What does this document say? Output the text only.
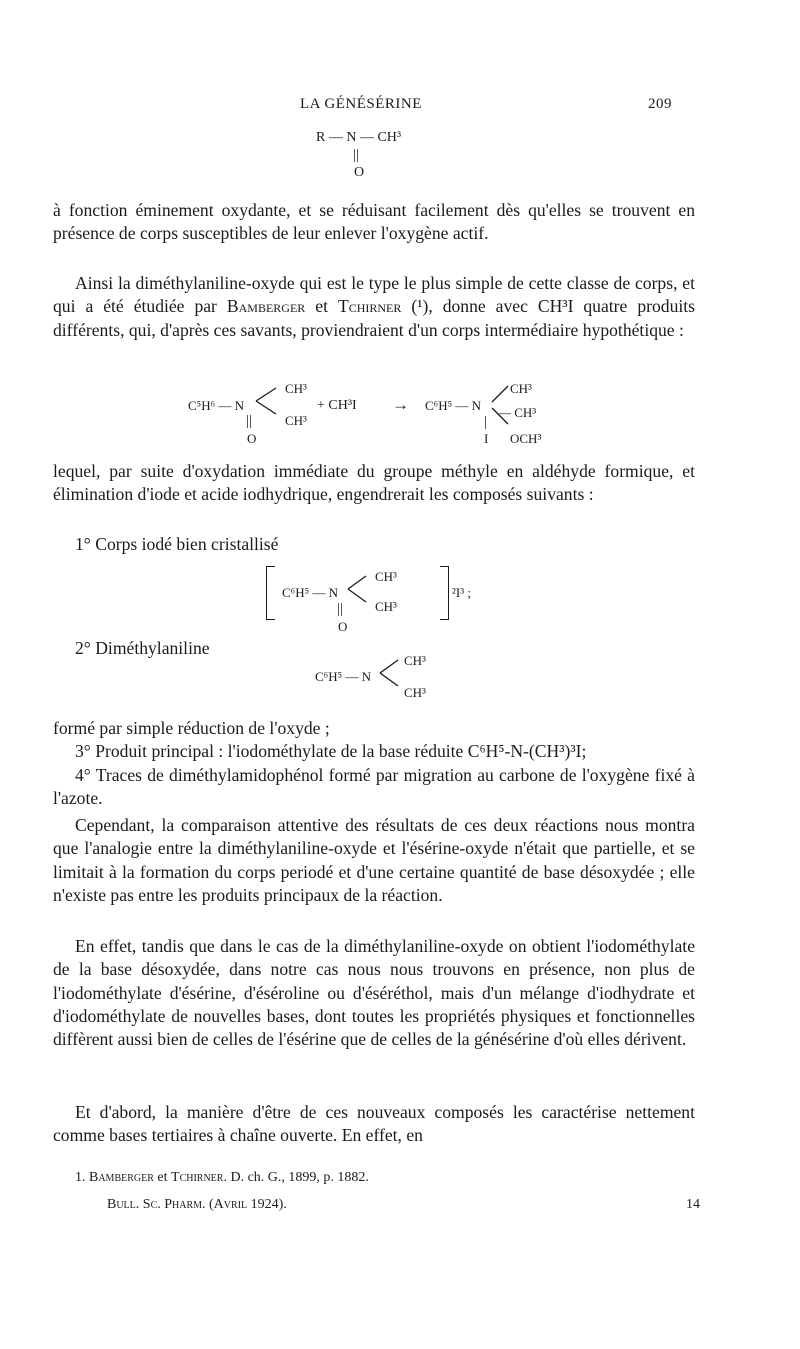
LA GÉNÉSÉRINE	209
R — N — CH³
||
O

à fonction éminement oxydante, et se réduisant facilement dès qu'elles se trouvent en présence de corps susceptibles de leur enlever l'oxygène actif.

Ainsi la diméthylaniline-oxyde qui est le type le plus simple de cette classe de corps, et qui a été étudiée par Bamberger et Tchirner (¹), donne avec CH³I quatre produits différents, qui, d'après ces savants, proviendraient d'un corps intermédiaire hypothétique :

C⁵H⁶ — N
CH³
CH³
||
O
+ CH³I → C⁶H⁵ — N
CH³
— CH³
|
I OCH³

lequel, par suite d'oxydation immédiate du groupe méthyle en aldéhyde formique, et élimination d'iode et acide iodhydrique, engendrerait les composés suivants :

1° Corps iodé bien cristallisé
C⁶H⁵ — N
CH³
CH³
||
O
²I³ ;
2° Diméthylaniline
C⁶H⁵ — N
CH³
CH³
formé par simple réduction de l'oxyde ;

3° Produit principal : l'iodométhylate de la base réduite C⁶H⁵-N-(CH³)³I;

4° Traces de diméthylamidophénol formé par migration au carbone de l'oxygène fixé à l'azote.

Cependant, la comparaison attentive des résultats de ces deux réactions nous montra que l'analogie entre la diméthylaniline-oxyde et l'ésérine-oxyde n'était que partielle, et se limitait à la formation du corps periodé et d'une certaine quantité de base désoxydée ; elle n'existe pas entre les produits principaux de la réaction.

En effet, tandis que dans le cas de la diméthylaniline-oxyde on obtient l'iodométhylate de la base désoxydée, dans notre cas nous nous trouvons en présence, non plus de l'iodométhylate d'ésérine, d'éséroline ou d'éséréthol, mais d'un mélange d'iodhydrate et d'iodométhylate de nouvelles bases, dont toutes les propriétés physiques et fonctionnelles diffèrent aussi bien de celles de l'ésérine que de celles de la génésérine d'où elles dérivent.

Et d'abord, la manière d'être de ces nouveaux composés les caractérise nettement comme bases tertiaires à chaîne ouverte. En effet, en

1. Bamberger et Tchirner. D. ch. G., 1899, p. 1882.
Bull. Sc. Pharm. (Avril 1924).	14
